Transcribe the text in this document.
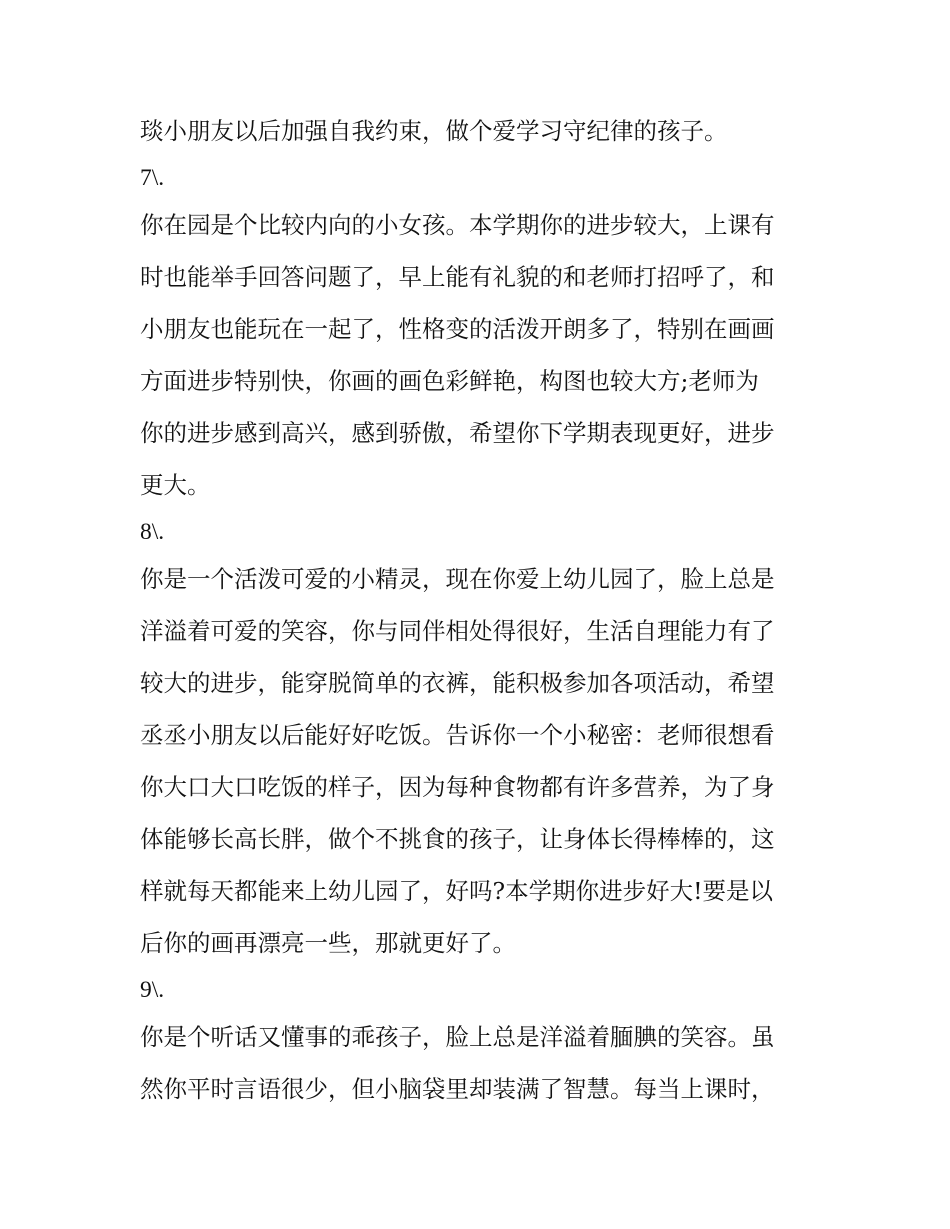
琰小朋友以后加强自我约束，做个爱学习守纪律的孩子。
7\.
你在园是个比较内向的小女孩。本学期你的进步较大，上课有
时也能举手回答问题了，早上能有礼貌的和老师打招呼了，和
小朋友也能玩在一起了，性格变的活泼开朗多了，特别在画画
方面进步特别快，你画的画色彩鲜艳，构图也较大方;老师为
你的进步感到高兴，感到骄傲，希望你下学期表现更好，进步
更大。
8\.
你是一个活泼可爱的小精灵，现在你爱上幼儿园了，脸上总是
洋溢着可爱的笑容，你与同伴相处得很好，生活自理能力有了
较大的进步，能穿脱简单的衣裤，能积极参加各项活动，希望
丞丞小朋友以后能好好吃饭。告诉你一个小秘密：老师很想看
你大口大口吃饭的样子，因为每种食物都有许多营养，为了身
体能够长高长胖，做个不挑食的孩子，让身体长得棒棒的，这
样就每天都能来上幼儿园了，好吗?本学期你进步好大!要是以
后你的画再漂亮一些，那就更好了。
9\.
你是个听话又懂事的乖孩子，脸上总是洋溢着腼腆的笑容。虽
然你平时言语很少，但小脑袋里却装满了智慧。每当上课时，
